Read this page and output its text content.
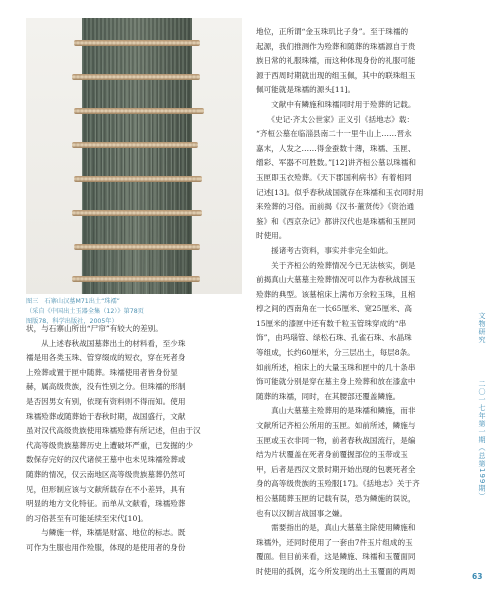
图三　石寨山汉墓M71出土“珠襦”
（采自《中国出土玉器全集（12）》第78页
图版78，科学出版社，2005年）

状，与石寨山所出“尸帘”有较大的差别。

　　从上述春秋战国墓葬出土的材料看，至少珠

襦是用各类玉珠、管穿缀成的短衣，穿在死者身

上殓葬或置于匣中随葬。珠襦使用者皆身份显

赫，属高级贵族，没有性别之分。但珠襦的形制

是否因男女有别，依现有资料则不得而知。使用

珠襦殓葬或随葬始于春秋时期，战国盛行，文献

虽对汉代高级贵族使用珠襦殓葬有所记述，但由于汉

代高等级贵族墓葬历史上遭破坏严重，已发掘的少

数保存完好的汉代诸侯王墓中也未见珠襦殓葬或

随葬的情况，仅云南地区高等级贵族墓葬仍然可

见，但形制应该与文献所载存在不小差异，具有

明显的地方文化特征。而单从文献看，珠襦殓葬

的习俗甚至有可能延续至宋代[10]。

　　与鳞施一样，珠襦是财富、地位的标志。既

可作为生服也用作殓服，体现的是使用者的身份

地位，正所谓“金玉珠玑比子身”。至于珠襦的

起源，我们推测作为殓葬和随葬的珠襦源自于贵

族日常的礼服珠襦，而这种体现身份的礼服可能

源于西周时期就出现的组玉佩，其中的联珠组玉

佩可能就是珠襦的源头[11]。

　　文献中有鳞施和珠襦同时用于殓葬的记载。

　　《史记·齐太公世家》正义引《括地志》载：

“齐桓公墓在临淄县南二十一里牛山上……晋永

嘉末，人发之……得金蚕数十薄，珠襦、玉匣、

缯彩、军器不可胜数。”[12]讲齐桓公墓以珠襦和

玉匣即玉衣殓葬。《天下郡国利病书》有着相同

记述[13]。似乎春秋战国就存在珠襦和玉衣同时用

来殓葬的习俗。而前揭《汉书·董贤传》《资治通

鉴》和《西京杂记》都讲汉代也是珠襦和玉匣同

时使用。

　　援诸考古资料，事实并非完全如此。

　　关于齐桓公的殓葬情况今已无法核实，倒是

前揭真山大墓墓主殓葬情况可以作为春秋战国玉

殓葬的典型。该墓棺床上满布万余粒玉珠，且棺

椁之间的西南角在一长65厘米、宽25厘米、高

15厘米的漆匣中还有数千粒玉管珠穿成的“串

饰”，由玛瑙管、绿松石珠、孔雀石珠、水晶珠

等组成，长约60厘米，分三层出土，每层8条。

如前所述，棺床上的大量玉珠和匣中的几十条串

饰可能就分别是穿在墓主身上殓葬和放在漆盒中

随葬的珠襦，同时，在其腰部还覆盖鳞施。

　　真山大墓墓主殓葬用的是珠襦和鳞施，而非

文献所记齐桓公所用的玉匣。如前所述，鳞施与

玉匣或玉衣非同一物，前者春秋战国流行，是编

结为片状覆盖在死者身前覆握部位的玉带或玉

甲，后者是西汉文景时期开始出现的包裹死者全

身的高等级贵族的玉殓服[17]。《括地志》关于齐

桓公墓随葬玉匣的记载有误，恐为鳞施的误说，

也有以汉制言战国事之嫌。

　　需要指出的是，真山大墓墓主除使用鳞施和

珠襦外，还同时使用了一套由7件玉片组成的玉

覆面。但目前来看，这是鳞施、珠襦和玉覆面同

时使用的孤例，迄今所发现的出土玉覆面的两周

文物研究
二〇一七年第一期（总第199期）
63
